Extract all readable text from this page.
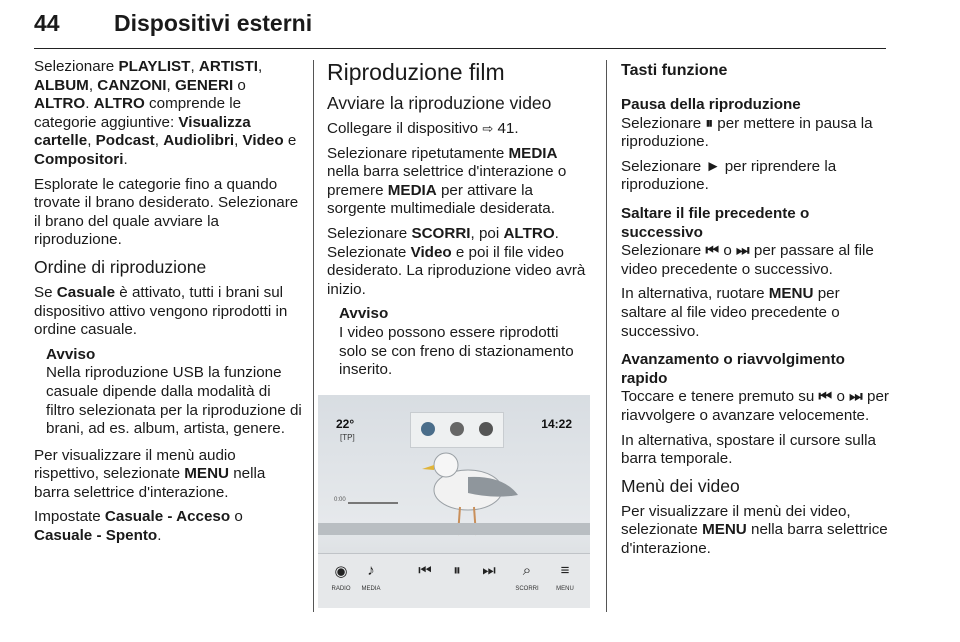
44 Dispositivi esterni

Selezionare PLAYLIST, ARTISTI, ALBUM, CANZONI, GENERI o ALTRO. ALTRO comprende le categorie aggiuntive: Visualizza cartelle, Podcast, Audiolibri, Video e Compositori.

Esplorate le categorie fino a quando trovate il brano desiderato. Selezionare il brano del quale avviare la riproduzione.

Ordine di riproduzione

Se Casuale è attivato, tutti i brani sul dispositivo attivo vengono riprodotti in ordine casuale.

Avviso
Nella riproduzione USB la funzione casuale dipende dalla modalità di filtro selezionata per la riproduzione di brani, ad es. album, artista, genere.

Per visualizzare il menù audio rispettivo, selezionate MENU nella barra selettrice d'interazione.

Impostate Casuale - Acceso o Casuale - Spento.

Riproduzione film
Avviare la riproduzione video

Collegare il dispositivo ⇨ 41.

Selezionare ripetutamente MEDIA nella barra selettrice d'interazione o premere MEDIA per attivare la sorgente multimediale desiderata.

Selezionare SCORRI, poi ALTRO. Selezionate Video e poi il file video desiderato. La riproduzione video avrà inizio.

Avviso
I video possono essere riprodotti solo se con freno di stazionamento inserito.
22°
[TP]
14:22
0:00
◉
RADIO
♪
MEDIA
⏮	⏸	⏭	⌕
SCORRI
≡
MENU
Tasti funzione
Pausa della riproduzione

Selezionare ⏸ per mettere in pausa la riproduzione.

Selezionare ► per riprendere la riproduzione.

Saltare il file precedente o successivo

Selezionare ⏮ o ⏭ per passare al file video precedente o successivo.

In alternativa, ruotare MENU per saltare al file video precedente o successivo.

Avanzamento o riavvolgimento rapido

Toccare e tenere premuto su ⏮ o ⏭ per riavvolgere o avanzare velocemente.

In alternativa, spostare il cursore sulla barra temporale.

Menù dei video

Per visualizzare il menù dei video, selezionate MENU nella barra selettrice d'interazione.
